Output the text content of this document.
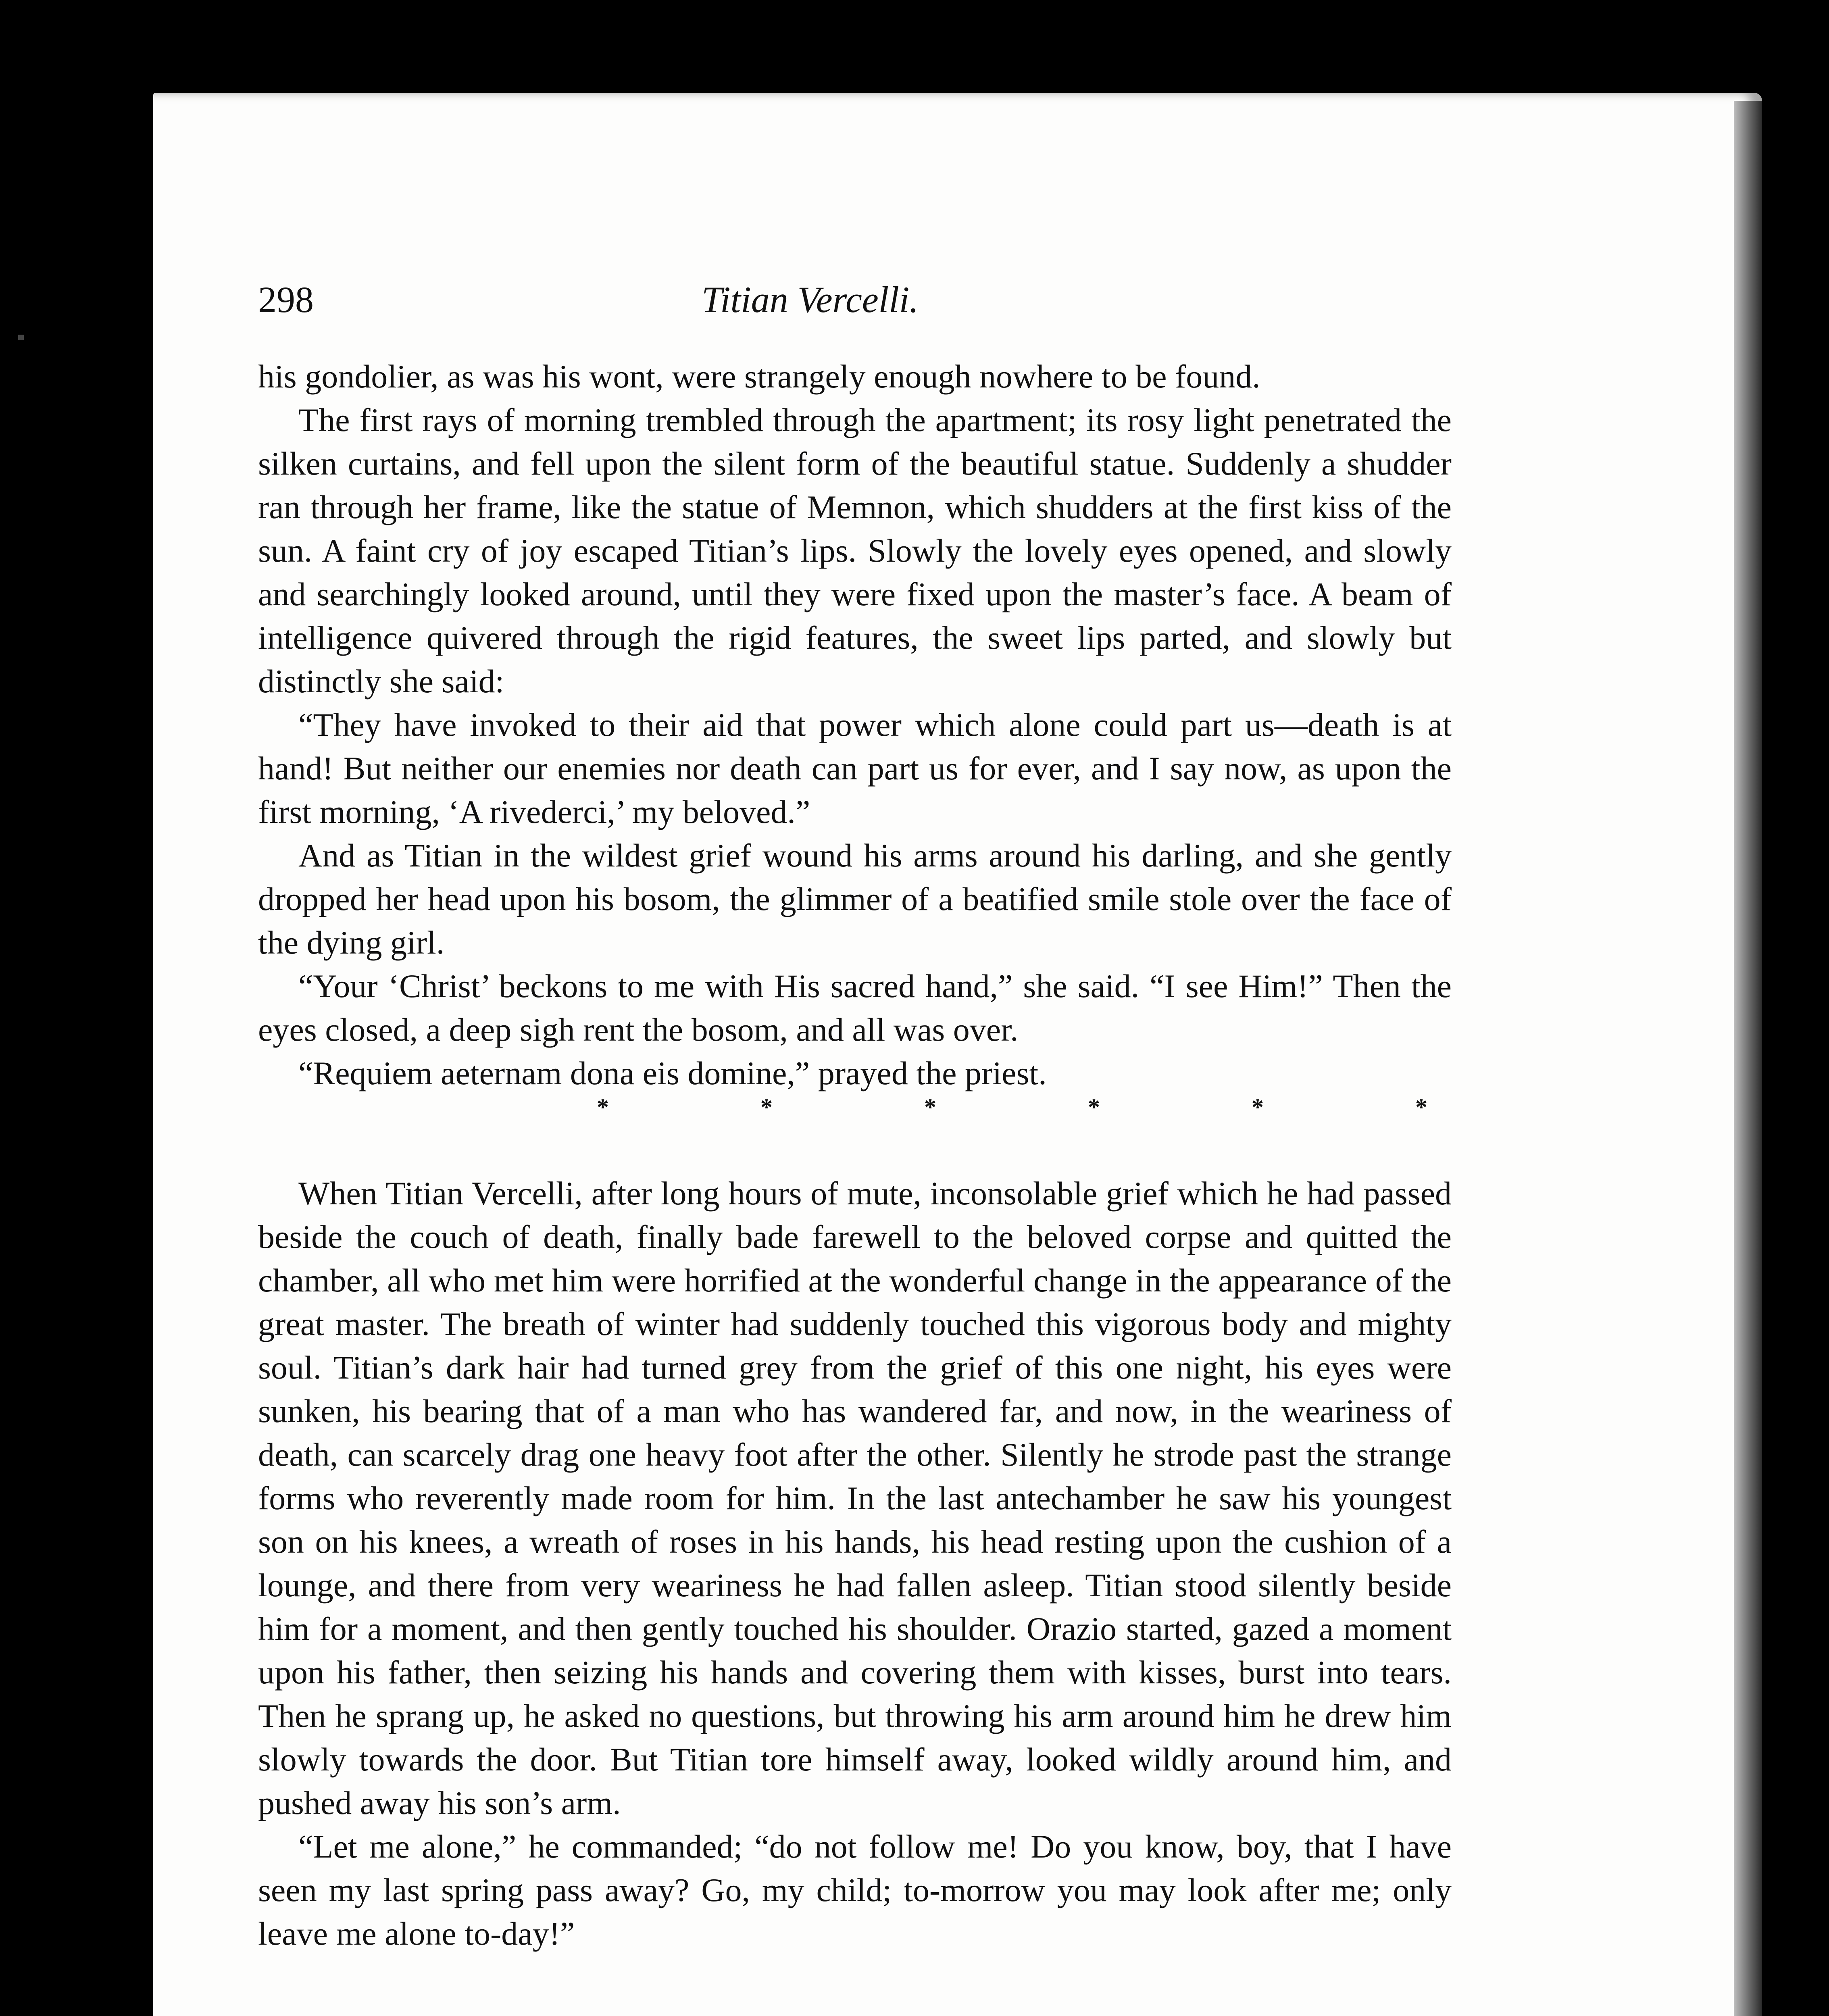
298	Titian Vercelli.

his gondolier, as was his wont, were strangely enough nowhere to be found.

The first rays of morning trembled through the apartment; its rosy light penetrated the silken curtains, and fell upon the silent form of the beautiful statue. Suddenly a shudder ran through her frame, like the statue of Memnon, which shudders at the first kiss of the sun. A faint cry of joy escaped Titian’s lips. Slowly the lovely eyes opened, and slowly and searchingly looked around, until they were fixed upon the master’s face. A beam of intelligence quivered through the rigid features, the sweet lips parted, and slowly but distinctly she said:

“They have invoked to their aid that power which alone could part us—death is at hand! But neither our enemies nor death can part us for ever, and I say now, as upon the first morning, ‘A rivederci,’ my beloved.”

And as Titian in the wildest grief wound his arms around his darling, and she gently dropped her head upon his bosom, the glimmer of a beatified smile stole over the face of the dying girl.

“Your ‘Christ’ beckons to me with His sacred hand,” she said. “I see Him!” Then the eyes closed, a deep sigh rent the bosom, and all was over.

“Requiem aeternam dona eis domine,” prayed the priest.

*	*	*	*	*	*

When Titian Vercelli, after long hours of mute, inconsolable grief which he had passed beside the couch of death, finally bade farewell to the beloved corpse and quitted the chamber, all who met him were horrified at the wonderful change in the appearance of the great master. The breath of winter had suddenly touched this vigorous body and mighty soul. Titian’s dark hair had turned grey from the grief of this one night, his eyes were sunken, his bearing that of a man who has wandered far, and now, in the weariness of death, can scarcely drag one heavy foot after the other. Silently he strode past the strange forms who reverently made room for him. In the last antechamber he saw his youngest son on his knees, a wreath of roses in his hands, his head resting upon the cushion of a lounge, and there from very weariness he had fallen asleep. Titian stood silently beside him for a moment, and then gently touched his shoulder. Orazio started, gazed a moment upon his father, then seizing his hands and covering them with kisses, burst into tears. Then he sprang up, he asked no questions, but throwing his arm around him he drew him slowly towards the door. But Titian tore himself away, looked wildly around him, and pushed away his son’s arm.

“Let me alone,” he commanded; “do not follow me! Do you know, boy, that I have seen my last spring pass away? Go, my child; to-morrow you may look after me; only leave me alone to-day!”
